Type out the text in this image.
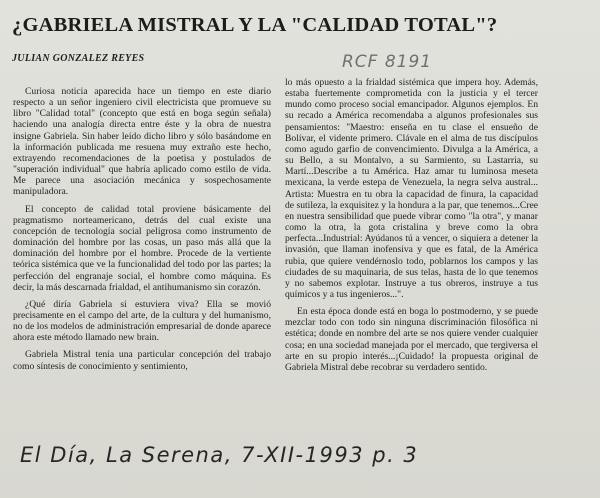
¿GABRIELA MISTRAL Y LA "CALIDAD TOTAL"?
JULIAN GONZALEZ REYES	RCF 8191

Curiosa noticia aparecida hace un tiempo en este diario respecto a un señor ingeniero civil electricista que promueve su libro "Calidad total" (concepto que está en boga según señala) haciendo una analogía directa entre éste y la obra de nuestra insigne Gabriela. Sin haber leído dicho libro y sólo basándome en la información publicada me resuena muy extraño este hecho, extrayendo recomendaciones de la poetisa y postulados de "superación individual" que habría aplicado como estilo de vida. Me parece una asociación mecánica y sospechosamente manipuladora.

El concepto de calidad total proviene básicamente del pragmatismo norteamericano, detrás del cual existe una concepción de tecnología social peligrosa como instrumento de dominación del hombre por las cosas, un paso más allá que la dominación del hombre por el hombre. Procede de la vertiente teórica sistémica que ve la funcionalidad del todo por las partes; la perfección del engranaje social, el hombre como máquina. Es decir, la más descarnada frialdad, el antihumanismo sin corazón.

¿Qué diría Gabriela si estuviera viva? Ella se movió precisamente en el campo del arte, de la cultura y del humanismo, no de los modelos de administración empresarial de donde aparece ahora este método llamado new brain.

Gabriela Mistral tenía una particular concepción del trabajo como síntesis de conocimiento y sentimiento,

lo más opuesto a la frialdad sistémica que impera hoy. Además, estaba fuertemente comprometida con la justicia y el tercer mundo como proceso social emancipador. Algunos ejemplos. En su recado a América recomendaba a algunos profesionales sus pensamientos: "Maestro: enseña en tu clase el ensueño de Bolívar, el vidente primero. Clávale en el alma de tus discípulos como agudo garfio de convencimiento. Divulga a la América, a su Bello, a su Montalvo, a su Sarmiento, su Lastarria, su Martí...Describe a tu América. Haz amar tu luminosa meseta mexicana, la verde estepa de Venezuela, la negra selva austral... Artista: Muestra en tu obra la capacidad de finura, la capacidad de sutileza, la exquisitez y la hondura a la par, que tenemos...Cree en nuestra sensibilidad que puede vibrar como "la otra", y manar como la otra, la gota cristalina y breve como la obra perfecta...Industrial: Ayúdanos tú a vencer, o siquiera a detener la invasión, que llaman inofensiva y que es fatal, de la América rubia, que quiere vendérnoslo todo, poblarnos los campos y las ciudades de su maquinaria, de sus telas, hasta de lo que tenemos y no sabemos explotar. Instruye a tus obreros, instruye a tus químicos y a tus ingenieros...".

En esta época donde está en boga lo postmoderno, y se puede mezclar todo con todo sin ninguna discriminación filosófica ni estética; donde en nombre del arte se nos quiere vender cualquier cosa; en una sociedad manejada por el mercado, que tergiversa el arte en su propio interés...¡Cuidado! la propuesta original de Gabriela Mistral debe recobrar su verdadero sentido.

El Día, La Serena, 7-XII-1993 p. 3
